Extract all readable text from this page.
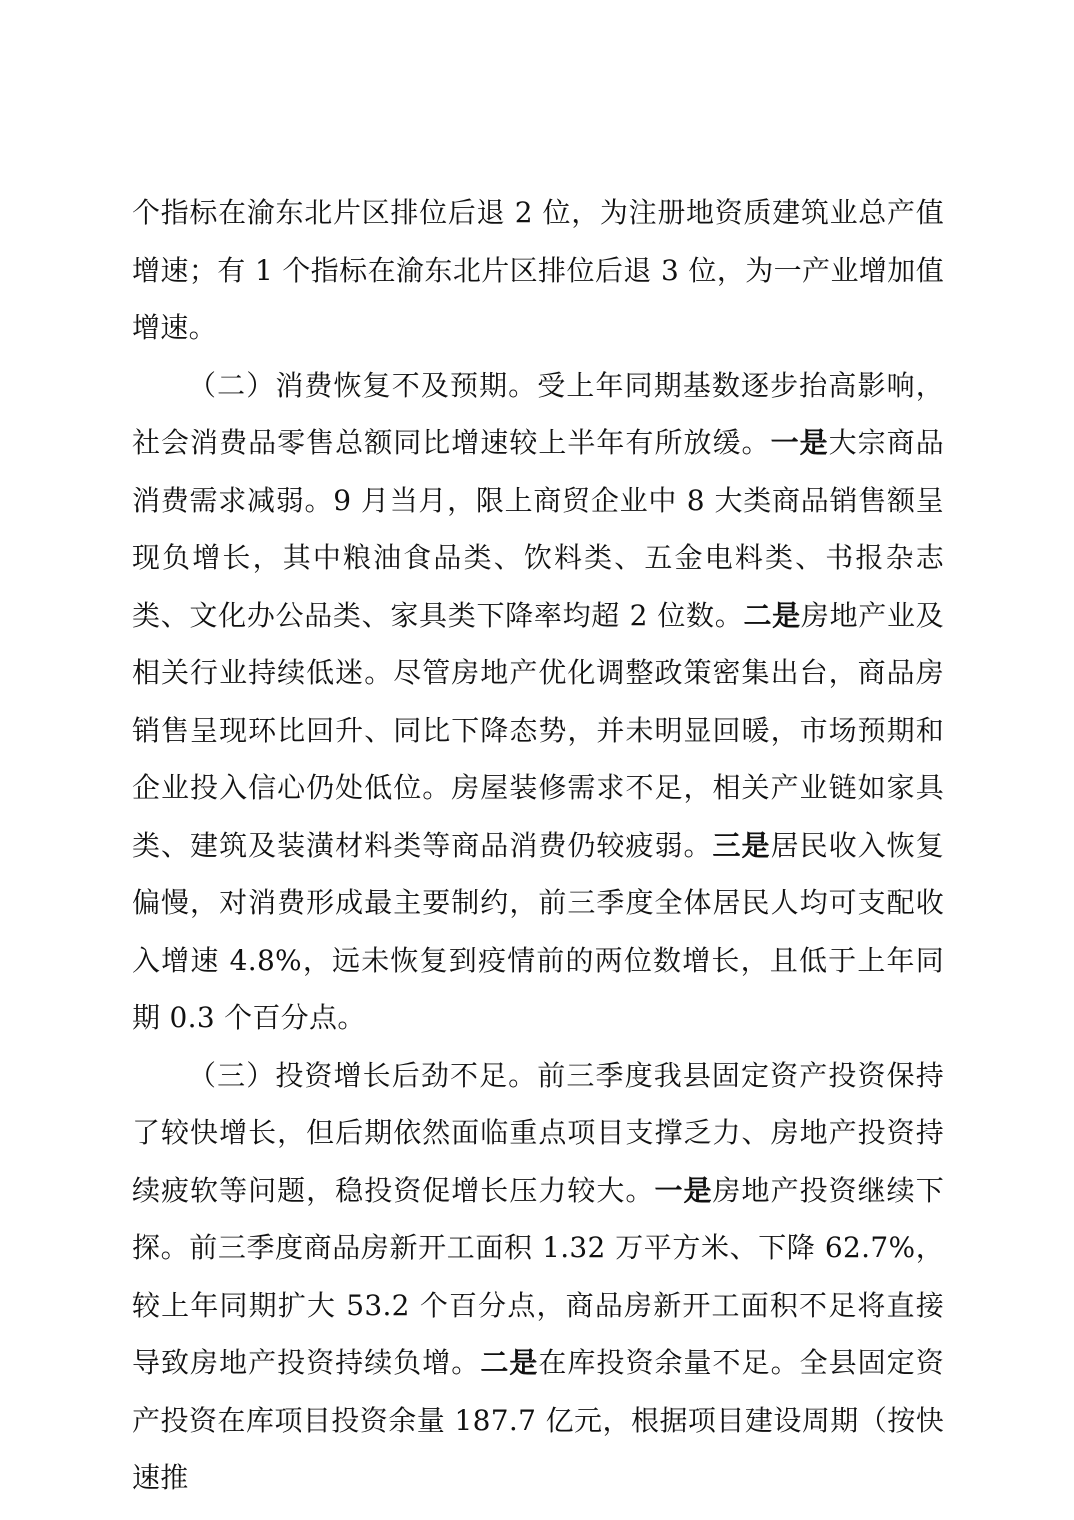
个指标在渝东北片区排位后退 2 位，为注册地资质建筑业总产值增速；有 1 个指标在渝东北片区排位后退 3 位，为一产业增加值增速。

（二）消费恢复不及预期。受上年同期基数逐步抬高影响，社会消费品零售总额同比增速较上半年有所放缓。一是大宗商品消费需求减弱。9 月当月，限上商贸企业中 8 大类商品销售额呈现负增长，其中粮油食品类、饮料类、五金电料类、书报杂志类、文化办公品类、家具类下降率均超 2 位数。二是房地产业及相关行业持续低迷。尽管房地产优化调整政策密集出台，商品房销售呈现环比回升、同比下降态势，并未明显回暖，市场预期和企业投入信心仍处低位。房屋装修需求不足，相关产业链如家具类、建筑及装潢材料类等商品消费仍较疲弱。三是居民收入恢复偏慢，对消费形成最主要制约，前三季度全体居民人均可支配收入增速 4.8%，远未恢复到疫情前的两位数增长，且低于上年同期 0.3 个百分点。

（三）投资增长后劲不足。前三季度我县固定资产投资保持了较快增长，但后期依然面临重点项目支撑乏力、房地产投资持续疲软等问题，稳投资促增长压力较大。一是房地产投资继续下探。前三季度商品房新开工面积 1.32 万平方米、下降 62.7%，较上年同期扩大 53.2 个百分点，商品房新开工面积不足将直接导致房地产投资持续负增。二是在库投资余量不足。全县固定资产投资在库项目投资余量 187.7 亿元，根据项目建设周期（按快速推
